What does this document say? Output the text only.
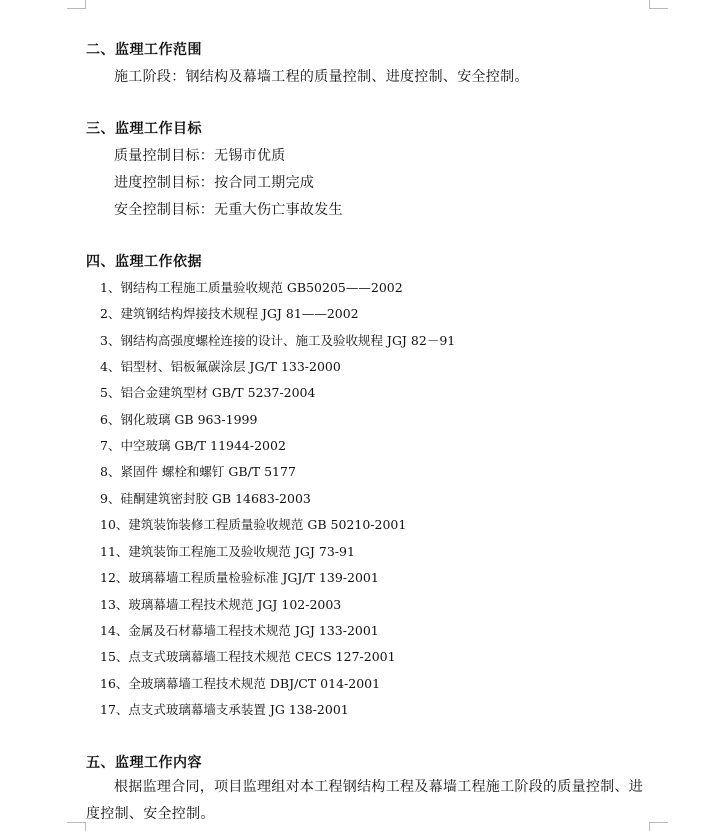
二、监理工作范围
施工阶段：钢结构及幕墙工程的质量控制、进度控制、安全控制。
三、监理工作目标
质量控制目标：无锡市优质
进度控制目标：按合同工期完成
安全控制目标：无重大伤亡事故发生
四、监理工作依据
1、钢结构工程施工质量验收规范 GB50205——2002
2、建筑钢结构焊接技术规程 JGJ 81——2002
3、钢结构高强度螺栓连接的设计、施工及验收规程 JGJ 82－91
4、铝型材、铝板氟碳涂层 JG/T 133-2000
5、铝合金建筑型材 GB/T 5237-2004
6、钢化玻璃 GB 963-1999
7、中空玻璃 GB/T 11944-2002
8、紧固件 螺栓和螺钉 GB/T 5177
9、硅酮建筑密封胶 GB 14683-2003
10、建筑装饰装修工程质量验收规范 GB 50210-2001
11、建筑装饰工程施工及验收规范 JGJ 73-91
12、玻璃幕墙工程质量检验标准 JGJ/T 139-2001
13、玻璃幕墙工程技术规范 JGJ 102-2003
14、金属及石材幕墙工程技术规范 JGJ 133-2001
15、点支式玻璃幕墙工程技术规范 CECS 127-2001
16、全玻璃幕墙工程技术规范 DBJ/CT 014-2001
17、点支式玻璃幕墙支承装置 JG 138-2001
五、监理工作内容
根据监理合同，项目监理组对本工程钢结构工程及幕墙工程施工阶段的质量控制、进度控制、安全控制。
